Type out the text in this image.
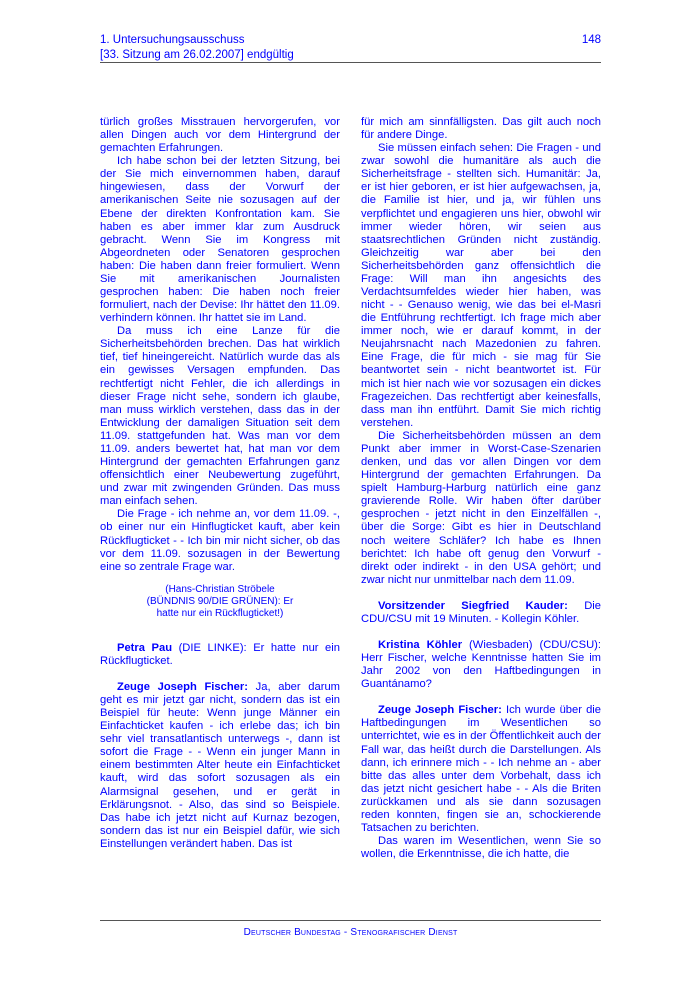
1. Untersuchungsausschuss
[33. Sitzung am 26.02.2007] endgültig
148

türlich großes Misstrauen hervorgerufen, vor allen Dingen auch vor dem Hintergrund der gemachten Erfahrungen.

Ich habe schon bei der letzten Sitzung, bei der Sie mich einvernommen haben, darauf hingewiesen, dass der Vorwurf der amerikanischen Seite nie sozusagen auf der Ebene der direkten Konfrontation kam. Sie haben es aber immer klar zum Ausdruck gebracht. Wenn Sie im Kongress mit Abgeordneten oder Senatoren gesprochen haben: Die haben dann freier formuliert. Wenn Sie mit amerikanischen Journalisten gesprochen haben: Die haben noch freier formuliert, nach der Devise: Ihr hättet den 11.09. verhindern können. Ihr hattet sie im Land.

Da muss ich eine Lanze für die Sicherheitsbehörden brechen. Das hat wirklich tief, tief hineingereicht. Natürlich wurde das als ein gewisses Versagen empfunden. Das rechtfertigt nicht Fehler, die ich allerdings in dieser Frage nicht sehe, sondern ich glaube, man muss wirklich verstehen, dass das in der Entwicklung der damaligen Situation seit dem 11.09. stattgefunden hat. Was man vor dem 11.09. anders bewertet hat, hat man vor dem Hintergrund der gemachten Erfahrungen ganz offensichtlich einer Neubewertung zugeführt, und zwar mit zwingenden Gründen. Das muss man einfach sehen.

Die Frage - ich nehme an, vor dem 11.09. -, ob einer nur ein Hinflugticket kauft, aber kein Rückflugticket - - Ich bin mir nicht sicher, ob das vor dem 11.09. sozusagen in der Bewertung eine so zentrale Frage war.

(Hans-Christian Ströbele
(BÜNDNIS 90/DIE GRÜNEN): Er
hatte nur ein Rückflugticket!)

Petra Pau (DIE LINKE): Er hatte nur ein Rückflugticket.

Zeuge Joseph Fischer: Ja, aber darum geht es mir jetzt gar nicht, sondern das ist ein Beispiel für heute: Wenn junge Männer ein Einfachticket kaufen - ich erlebe das; ich bin sehr viel transatlantisch unterwegs -, dann ist sofort die Frage - - Wenn ein junger Mann in einem bestimmten Alter heute ein Einfachticket kauft, wird das sofort sozusagen als ein Alarmsignal gesehen, und er gerät in Erklärungsnot. - Also, das sind so Beispiele. Das habe ich jetzt nicht auf Kurnaz bezogen, sondern das ist nur ein Beispiel dafür, wie sich Einstellungen verändert haben. Das ist

für mich am sinnfälligsten. Das gilt auch noch für andere Dinge.

Sie müssen einfach sehen: Die Fragen - und zwar sowohl die humanitäre als auch die Sicherheitsfrage - stellten sich. Humanitär: Ja, er ist hier geboren, er ist hier aufgewachsen, ja, die Familie ist hier, und ja, wir fühlen uns verpflichtet und engagieren uns hier, obwohl wir immer wieder hören, wir seien aus staatsrechtlichen Gründen nicht zuständig. Gleichzeitig war aber bei den Sicherheitsbehörden ganz offensichtlich die Frage: Will man ihn angesichts des Verdachtsumfeldes wieder hier haben, was nicht - - Genauso wenig, wie das bei el-Masri die Entführung rechtfertigt. Ich frage mich aber immer noch, wie er darauf kommt, in der Neujahrsnacht nach Mazedonien zu fahren. Eine Frage, die für mich - sie mag für Sie beantwortet sein - nicht beantwortet ist. Für mich ist hier nach wie vor sozusagen ein dickes Fragezeichen. Das rechtfertigt aber keinesfalls, dass man ihn entführt. Damit Sie mich richtig verstehen.

Die Sicherheitsbehörden müssen an dem Punkt aber immer in Worst-Case-Szenarien denken, und das vor allen Dingen vor dem Hintergrund der gemachten Erfahrungen. Da spielt Hamburg-Harburg natürlich eine ganz gravierende Rolle. Wir haben öfter darüber gesprochen - jetzt nicht in den Einzelfällen -, über die Sorge: Gibt es hier in Deutschland noch weitere Schläfer? Ich habe es Ihnen berichtet: Ich habe oft genug den Vorwurf - direkt oder indirekt - in den USA gehört; und zwar nicht nur unmittelbar nach dem 11.09.

Vorsitzender Siegfried Kauder: Die CDU/CSU mit 19 Minuten. - Kollegin Köhler.

Kristina Köhler (Wiesbaden) (CDU/CSU): Herr Fischer, welche Kenntnisse hatten Sie im Jahr 2002 von den Haftbedingungen in Guantánamo?

Zeuge Joseph Fischer: Ich wurde über die Haftbedingungen im Wesentlichen so unterrichtet, wie es in der Öffentlichkeit auch der Fall war, das heißt durch die Darstellungen. Als dann, ich erinnere mich - - Ich nehme an - aber bitte das alles unter dem Vorbehalt, dass ich das jetzt nicht gesichert habe - - Als die Briten zurückkamen und als sie dann sozusagen reden konnten, fingen sie an, schockierende Tatsachen zu berichten.

Das waren im Wesentlichen, wenn Sie so wollen, die Erkenntnisse, die ich hatte, die

Deutscher Bundestag - Stenografischer Dienst
